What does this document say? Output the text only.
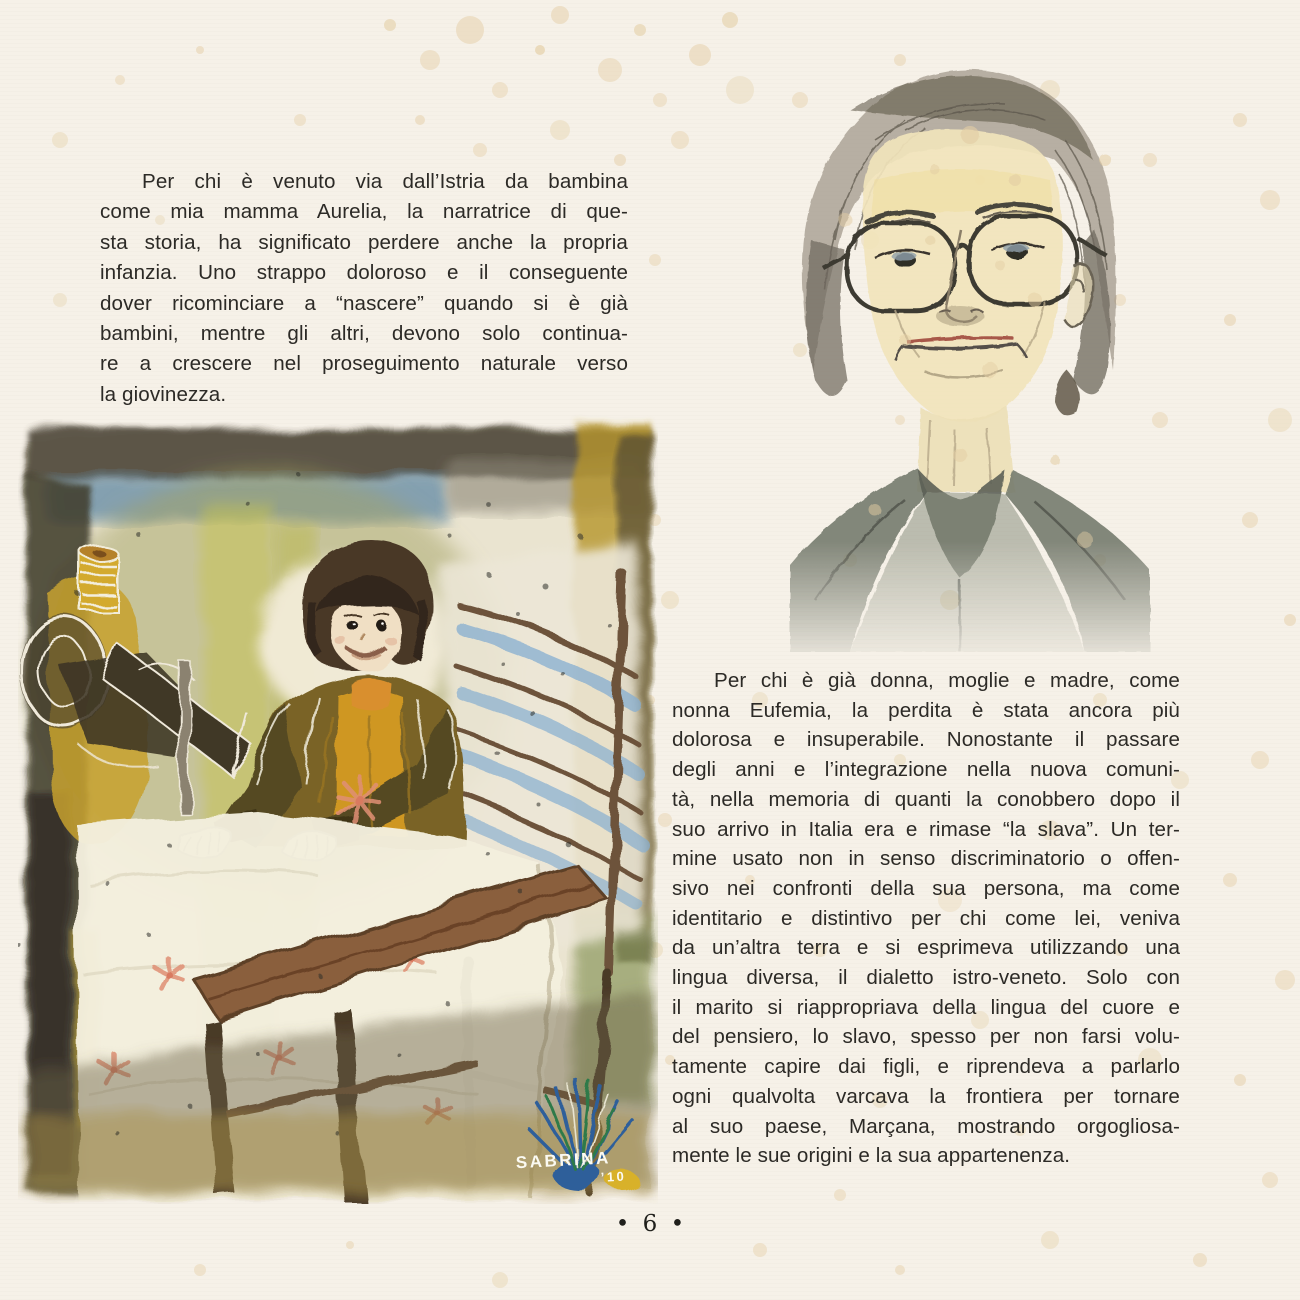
SABRINA
’10
Per chi è venuto via dall’Istria da bambina
come mia mamma Aurelia, la narratrice di que-
sta storia, ha significato perdere anche la propria
infanzia. Uno strappo doloroso e il conseguente
dover ricominciare a “nascere” quando si è già
bambini, mentre gli altri, devono solo continua-
re a crescere nel proseguimento naturale verso
la giovinezza.
Per chi è già donna, moglie e madre, come
nonna Eufemia, la perdita è stata ancora più
dolorosa e insuperabile. Nonostante il passare
degli anni e l’integrazione nella nuova comuni-
tà, nella memoria di quanti la conobbero dopo il
suo arrivo in Italia era e rimase “la slava”. Un ter-
mine usato non in senso discriminatorio o offen-
sivo nei confronti della sua persona, ma come
identitario e distintivo per chi come lei, veniva
da un’altra terra e si esprimeva utilizzando una
lingua diversa, il dialetto istro-veneto. Solo con
il marito si riappropriava della lingua del cuore e
del pensiero, lo slavo, spesso per non farsi volu-
tamente capire dai figli, e riprendeva a parlarlo
ogni qualvolta varcava la frontiera per tornare
al suo paese, Marçana, mostrando orgogliosa-
mente le sue origini e la sua appartenenza.
• 6 •
